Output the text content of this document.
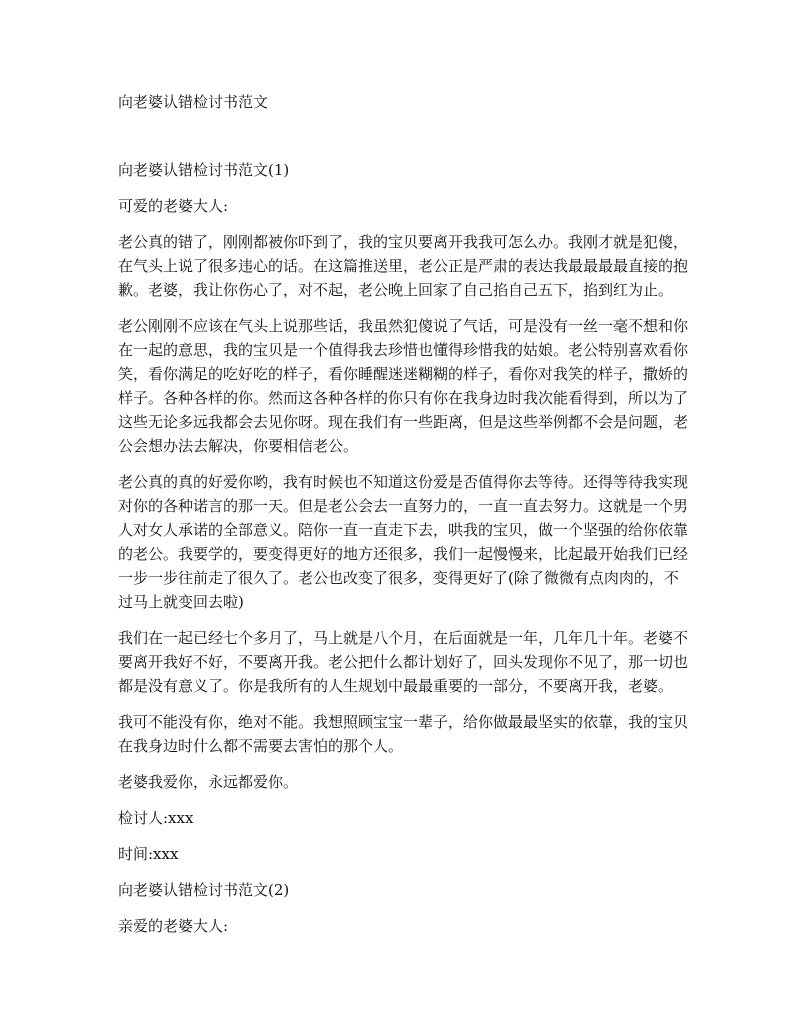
向老婆认错检讨书范文

向老婆认错检讨书范文(1)

可爱的老婆大人:

老公真的错了，刚刚都被你吓到了，我的宝贝要离开我我可怎么办。我刚才就是犯傻，在气头上说了很多违心的话。在这篇推送里，老公正是严肃的表达我最最最最直接的抱歉。老婆，我让你伤心了，对不起，老公晚上回家了自己掐自己五下，掐到红为止。

老公刚刚不应该在气头上说那些话，我虽然犯傻说了气话，可是没有一丝一毫不想和你在一起的意思，我的宝贝是一个值得我去珍惜也懂得珍惜我的姑娘。老公特别喜欢看你笑，看你满足的吃好吃的样子，看你睡醒迷迷糊糊的样子，看你对我笑的样子，撒娇的样子。各种各样的你。然而这各种各样的你只有你在我身边时我次能看得到，所以为了这些无论多远我都会去见你呀。现在我们有一些距离，但是这些举例都不会是问题，老公会想办法去解决，你要相信老公。

老公真的真的好爱你哟，我有时候也不知道这份爱是否值得你去等待。还得等待我实现对你的各种诺言的那一天。但是老公会去一直努力的，一直一直去努力。这就是一个男人对女人承诺的全部意义。陪你一直一直走下去，哄我的宝贝，做一个坚强的给你依靠的老公。我要学的，要变得更好的地方还很多，我们一起慢慢来，比起最开始我们已经一步一步往前走了很久了。老公也改变了很多，变得更好了(除了微微有点肉肉的，不过马上就变回去啦)

我们在一起已经七个多月了，马上就是八个月，在后面就是一年，几年几十年。老婆不要离开我好不好，不要离开我。老公把什么都计划好了，回头发现你不见了，那一切也都是没有意义了。你是我所有的人生规划中最最重要的一部分，不要离开我，老婆。

我可不能没有你，绝对不能。我想照顾宝宝一辈子，给你做最最坚实的依靠，我的宝贝在我身边时什么都不需要去害怕的那个人。

老婆我爱你，永远都爱你。

检讨人:xxx

时间:xxx

向老婆认错检讨书范文(2)

亲爱的老婆大人:
